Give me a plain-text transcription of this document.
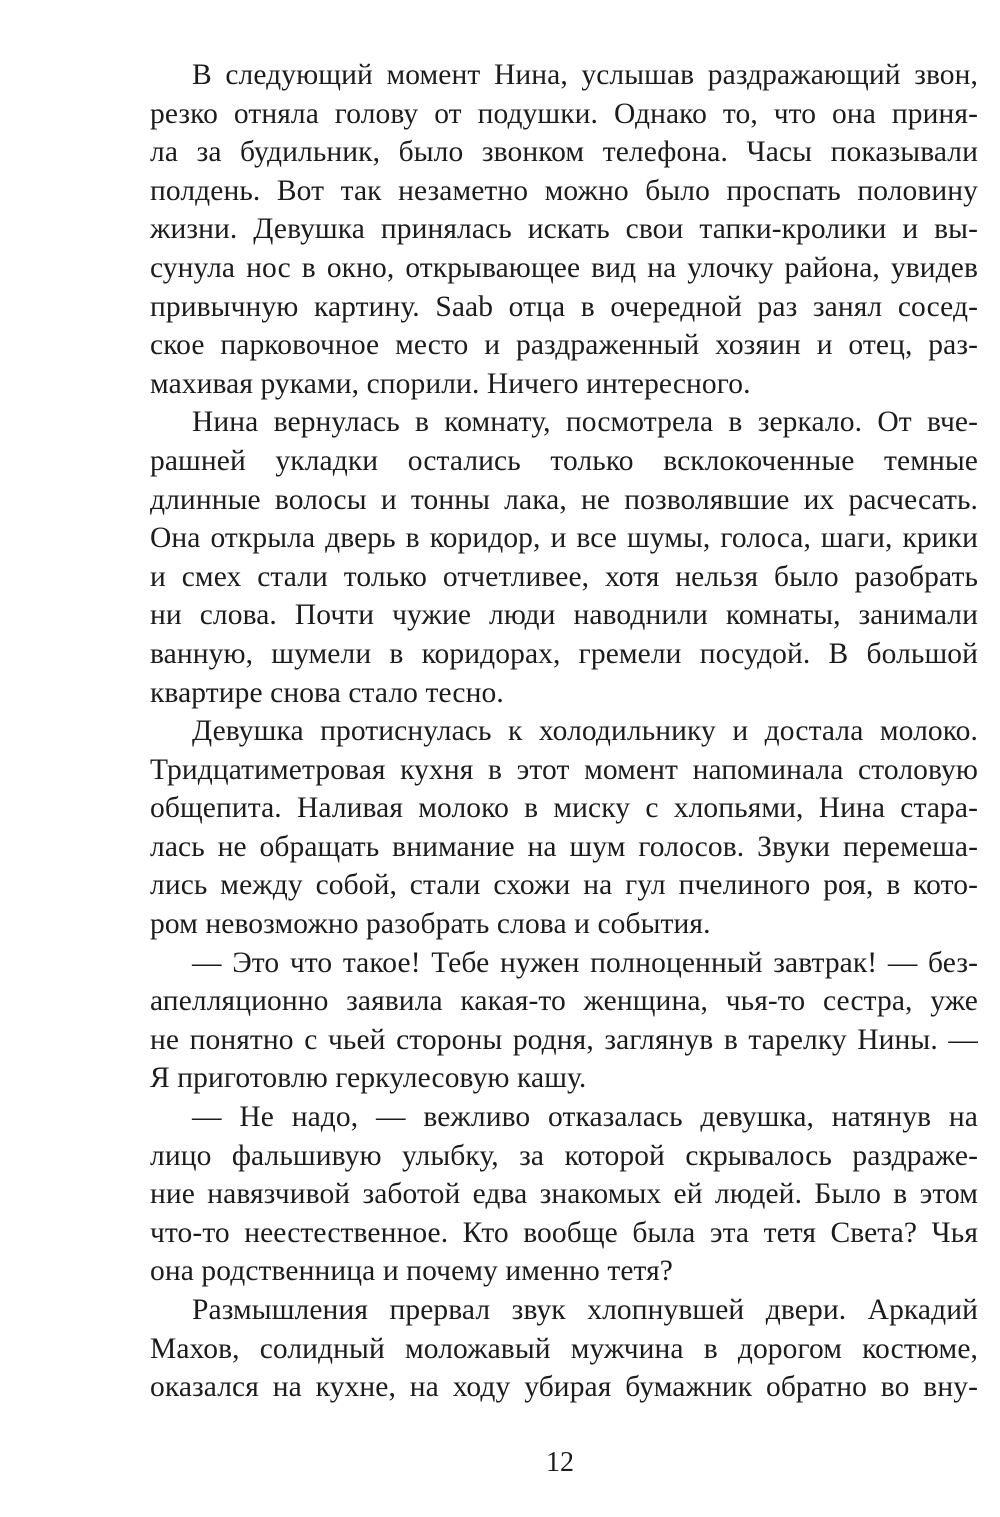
В следующий момент Нина, услышав раздражающий звон,
резко отняла голову от подушки. Однако то, что она приня-
ла за будильник, было звонком телефона. Часы показывали
полдень. Вот так незаметно можно было проспать половину
жизни. Девушка принялась искать свои тапки-кролики и вы-
сунула нос в окно, открывающее вид на улочку района, увидев
привычную картину. Saab отца в очередной раз занял сосед-
ское парковочное место и раздраженный хозяин и отец, раз-
махивая руками, спорили. Ничего интересного.
Нина вернулась в комнату, посмотрела в зеркало. От вче-
рашней укладки остались только всклокоченные темные
длинные волосы и тонны лака, не позволявшие их расчесать.
Она открыла дверь в коридор, и все шумы, голоса, шаги, крики
и смех стали только отчетливее, хотя нельзя было разобрать
ни слова. Почти чужие люди наводнили комнаты, занимали
ванную, шумели в коридорах, гремели посудой. В большой
квартире снова стало тесно.
Девушка протиснулась к холодильнику и достала молоко.
Тридцатиметровая кухня в этот момент напоминала столовую
общепита. Наливая молоко в миску с хлопьями, Нина стара-
лась не обращать внимание на шум голосов. Звуки перемеша-
лись между собой, стали схожи на гул пчелиного роя, в кото-
ром невозможно разобрать слова и события.
— Это что такое! Тебе нужен полноценный завтрак! — без-
апелляционно заявила какая-то женщина, чья-то сестра, уже
не понятно с чьей стороны родня, заглянув в тарелку Нины. —
Я приготовлю геркулесовую кашу.
— Не надо, — вежливо отказалась девушка, натянув на
лицо фальшивую улыбку, за которой скрывалось раздраже-
ние навязчивой заботой едва знакомых ей людей. Было в этом
что-то неестественное. Кто вообще была эта тетя Света? Чья
она родственница и почему именно тетя?
Размышления прервал звук хлопнувшей двери. Аркадий
Махов, солидный моложавый мужчина в дорогом костюме,
оказался на кухне, на ходу убирая бумажник обратно во вну-
12
